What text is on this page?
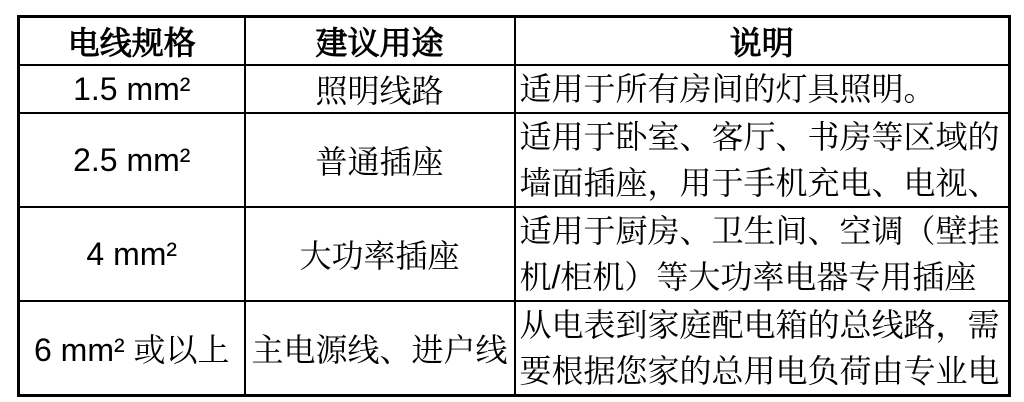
电线规格	建议用途	说明
1.5 mm²	照明线路	适用于所有房间的灯具照明。
2.5 mm²	普通插座	适用于卧室、客厅、书房等区域的墙面插座，用于手机充电、电视、
4 mm²	大功率插座	适用于厨房、卫生间、空调（壁挂机/柜机）等大功率电器专用插座
6 mm² 或以上	主电源线、进户线	从电表到家庭配电箱的总线路，需要根据您家的总用电负荷由专业电
